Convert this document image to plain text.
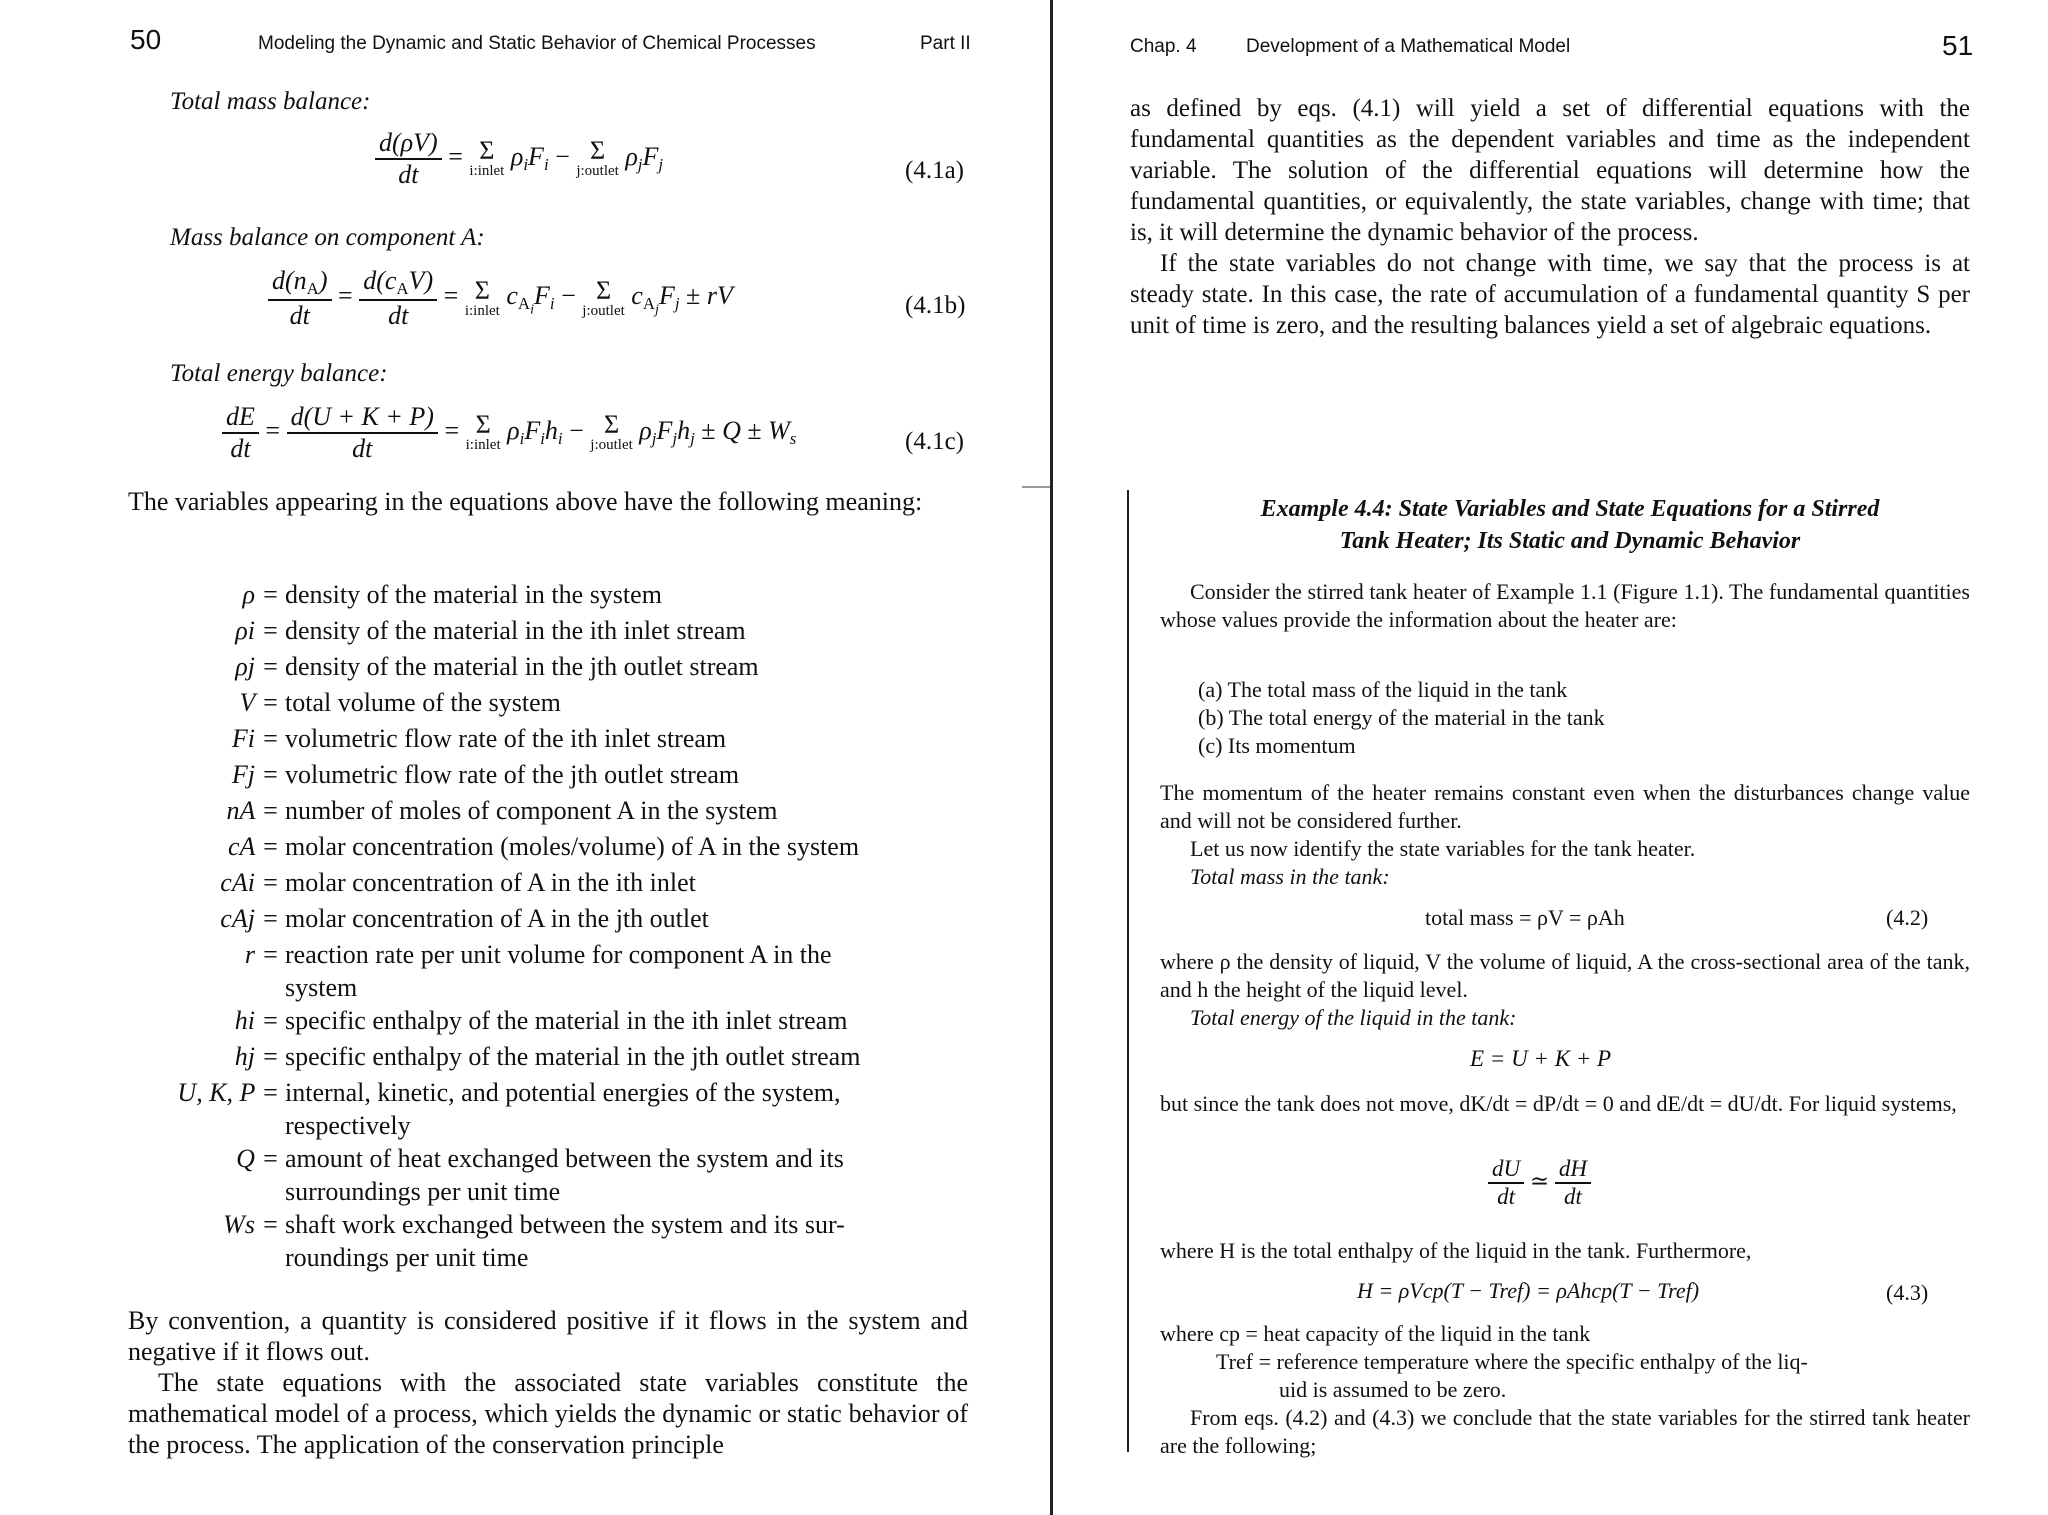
50	Modeling the Dynamic and Static Behavior of Chemical Processes	Part II
Total mass balance:
$\frac{d(\rho V)}{dt} = \Sigma$
i:inlet
ρiFi − Σ
j:outlet
ρjFj	(4.1a)
Mass balance on component A:
$\frac{d(n_A)}{dt} = \frac{d(c_AV)}{dt} = \Sigma$
i:inlet
$c_{A_i}Fi - \Sigma$
j:outlet
$c_{A_j}Fj$ ± rV	(4.1b)
Total energy balance:
$\frac{dE}{dt} = \frac{d(U + K + P)}{dt} = \Sigma$
i:inlet
ρiFihi − Σ
j:outlet
ρjFjhj ± Q ± Ws	(4.1c)

The variables appearing in the equations above have the following meaning:

ρ = density of the material in the system
ρi = density of the material in the ith inlet stream
ρj = density of the material in the jth outlet stream
V = total volume of the system
Fi = volumetric flow rate of the ith inlet stream
Fj = volumetric flow rate of the jth outlet stream
nA = number of moles of component A in the system
cA = molar concentration (moles/volume) of A in the system
cAi = molar concentration of A in the ith inlet
cAj = molar concentration of A in the jth outlet
r = reaction rate per unit volume for component A in the
system
hi = specific enthalpy of the material in the ith inlet stream
hj = specific enthalpy of the material in the jth outlet stream
U, K, P = internal, kinetic, and potential energies of the system,
respectively
Q = amount of heat exchanged between the system and its
surroundings per unit time
Ws = shaft work exchanged between the system and its sur-
roundings per unit time

By convention, a quantity is considered positive if it flows in the system and negative if it flows out.

The state equations with the associated state variables constitute the mathematical model of a process, which yields the dynamic or static behavior of the process. The application of the conservation principle

Chap. 4	Development of a Mathematical Model	51

as defined by eqs. (4.1) will yield a set of differential equations with the fundamental quantities as the dependent variables and time as the independent variable. The solution of the differential equations will determine how the fundamental quantities, or equivalently, the state variables, change with time; that is, it will determine the dynamic behavior of the process.

If the state variables do not change with time, we say that the process is at steady state. In this case, the rate of accumulation of a fundamental quantity S per unit of time is zero, and the resulting balances yield a set of algebraic equations.

Example 4.4: State Variables and State Equations for a Stirred
Tank Heater; Its Static and Dynamic Behavior

Consider the stirred tank heater of Example 1.1 (Figure 1.1). The fundamental quantities whose values provide the information about the heater are:

(a) The total mass of the liquid in the tank

(b) The total energy of the material in the tank

(c) Its momentum

The momentum of the heater remains constant even when the disturbances change value and will not be considered further.

Let us now identify the state variables for the tank heater.

Total mass in the tank:

total mass = ρV = ρAh	(4.2)

where ρ the density of liquid, V the volume of liquid, A the cross-sectional area of the tank, and h the height of the liquid level.

Total energy of the liquid in the tank:

E = U + K + P

but since the tank does not move, dK/dt = dP/dt = 0 and dE/dt = dU/dt. For liquid systems,

$\frac{dU}{dt}$ ≃ $\frac{dH}{dt}$

where H is the total enthalpy of the liquid in the tank. Furthermore,

H = ρVcp(T − Tref) = ρAhcp(T − Tref)	(4.3)

where cp = heat capacity of the liquid in the tank

Tref = reference temperature where the specific enthalpy of the liq-

uid is assumed to be zero.

From eqs. (4.2) and (4.3) we conclude that the state variables for the stirred tank heater are the following;
